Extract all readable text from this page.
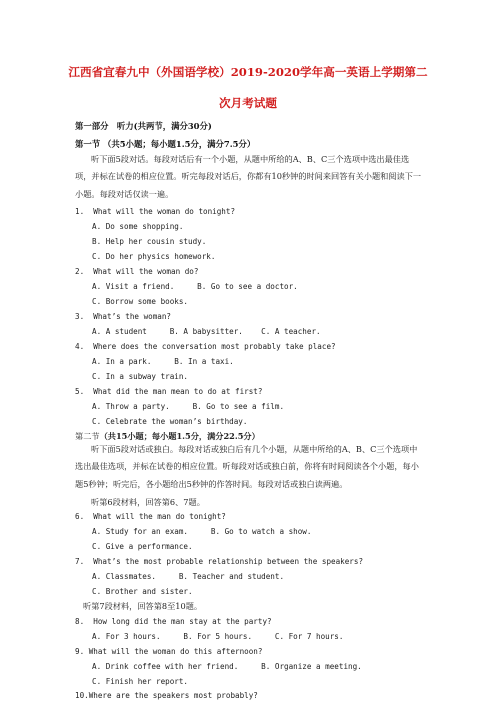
江西省宜春九中（外国语学校）2019-2020学年高一英语上学期第二
次月考试题
第一部分　听力(共两节，满分30分)
第一节 （共5小题；每小题1.5分，满分7.5分）
听下面5段对话。每段对话后有一个小题，从题中所给的A、B、C三个选项中选出最佳选项，并标在试卷的相应位置。听完每段对话后，你都有10秒钟的时间来回答有关小题和阅读下一小题。每段对话仅读一遍。
1.  What will the woman do tonight?
A. Do some shopping.
B. Help her cousin study.
C. Do her physics homework.
2.  What will the woman do?
A. Visit a friend.     B. Go to see a doctor.
C. Borrow some books.
3.  What’s the woman?
A. A student     B. A babysitter.    C. A teacher.
4.  Where does the conversation most probably take place?
A. In a park.     B. In a taxi.
C. In a subway train.
5.  What did the man mean to do at first?
A. Throw a party.     B. Go to see a film.
C. Celebrate the woman’s birthday.
第二节（共15小题；每小题1.5分，满分22.5分）
听下面5段对话或独白。每段对话或独白后有几个小题，从题中所给的A、B、C三个选项中选出最佳选项，并标在试卷的相应位置。听每段对话或独白前，你将有时间阅读各个小题，每小题5秒钟；听完后，各小题给出5秒钟的作答时间。每段对话或独白读两遍。
听第6段材料，回答第6、7题。
6.  What will the man do tonight?
A. Study for an exam.     B. Go to watch a show.
C. Give a performance.
7.  What’s the most probable relationship between the speakers?
A. Classmates.     B. Teacher and student.
C. Brother and sister.
听第7段材料，回答第8至10题。
8.  How long did the man stay at the party?
A. For 3 hours.     B. For 5 hours.     C. For 7 hours.
9. What will the woman do this afternoon?
A. Drink coffee with her friend.     B. Organize a meeting.
C. Finish her report.
10.Where are the speakers most probably?
